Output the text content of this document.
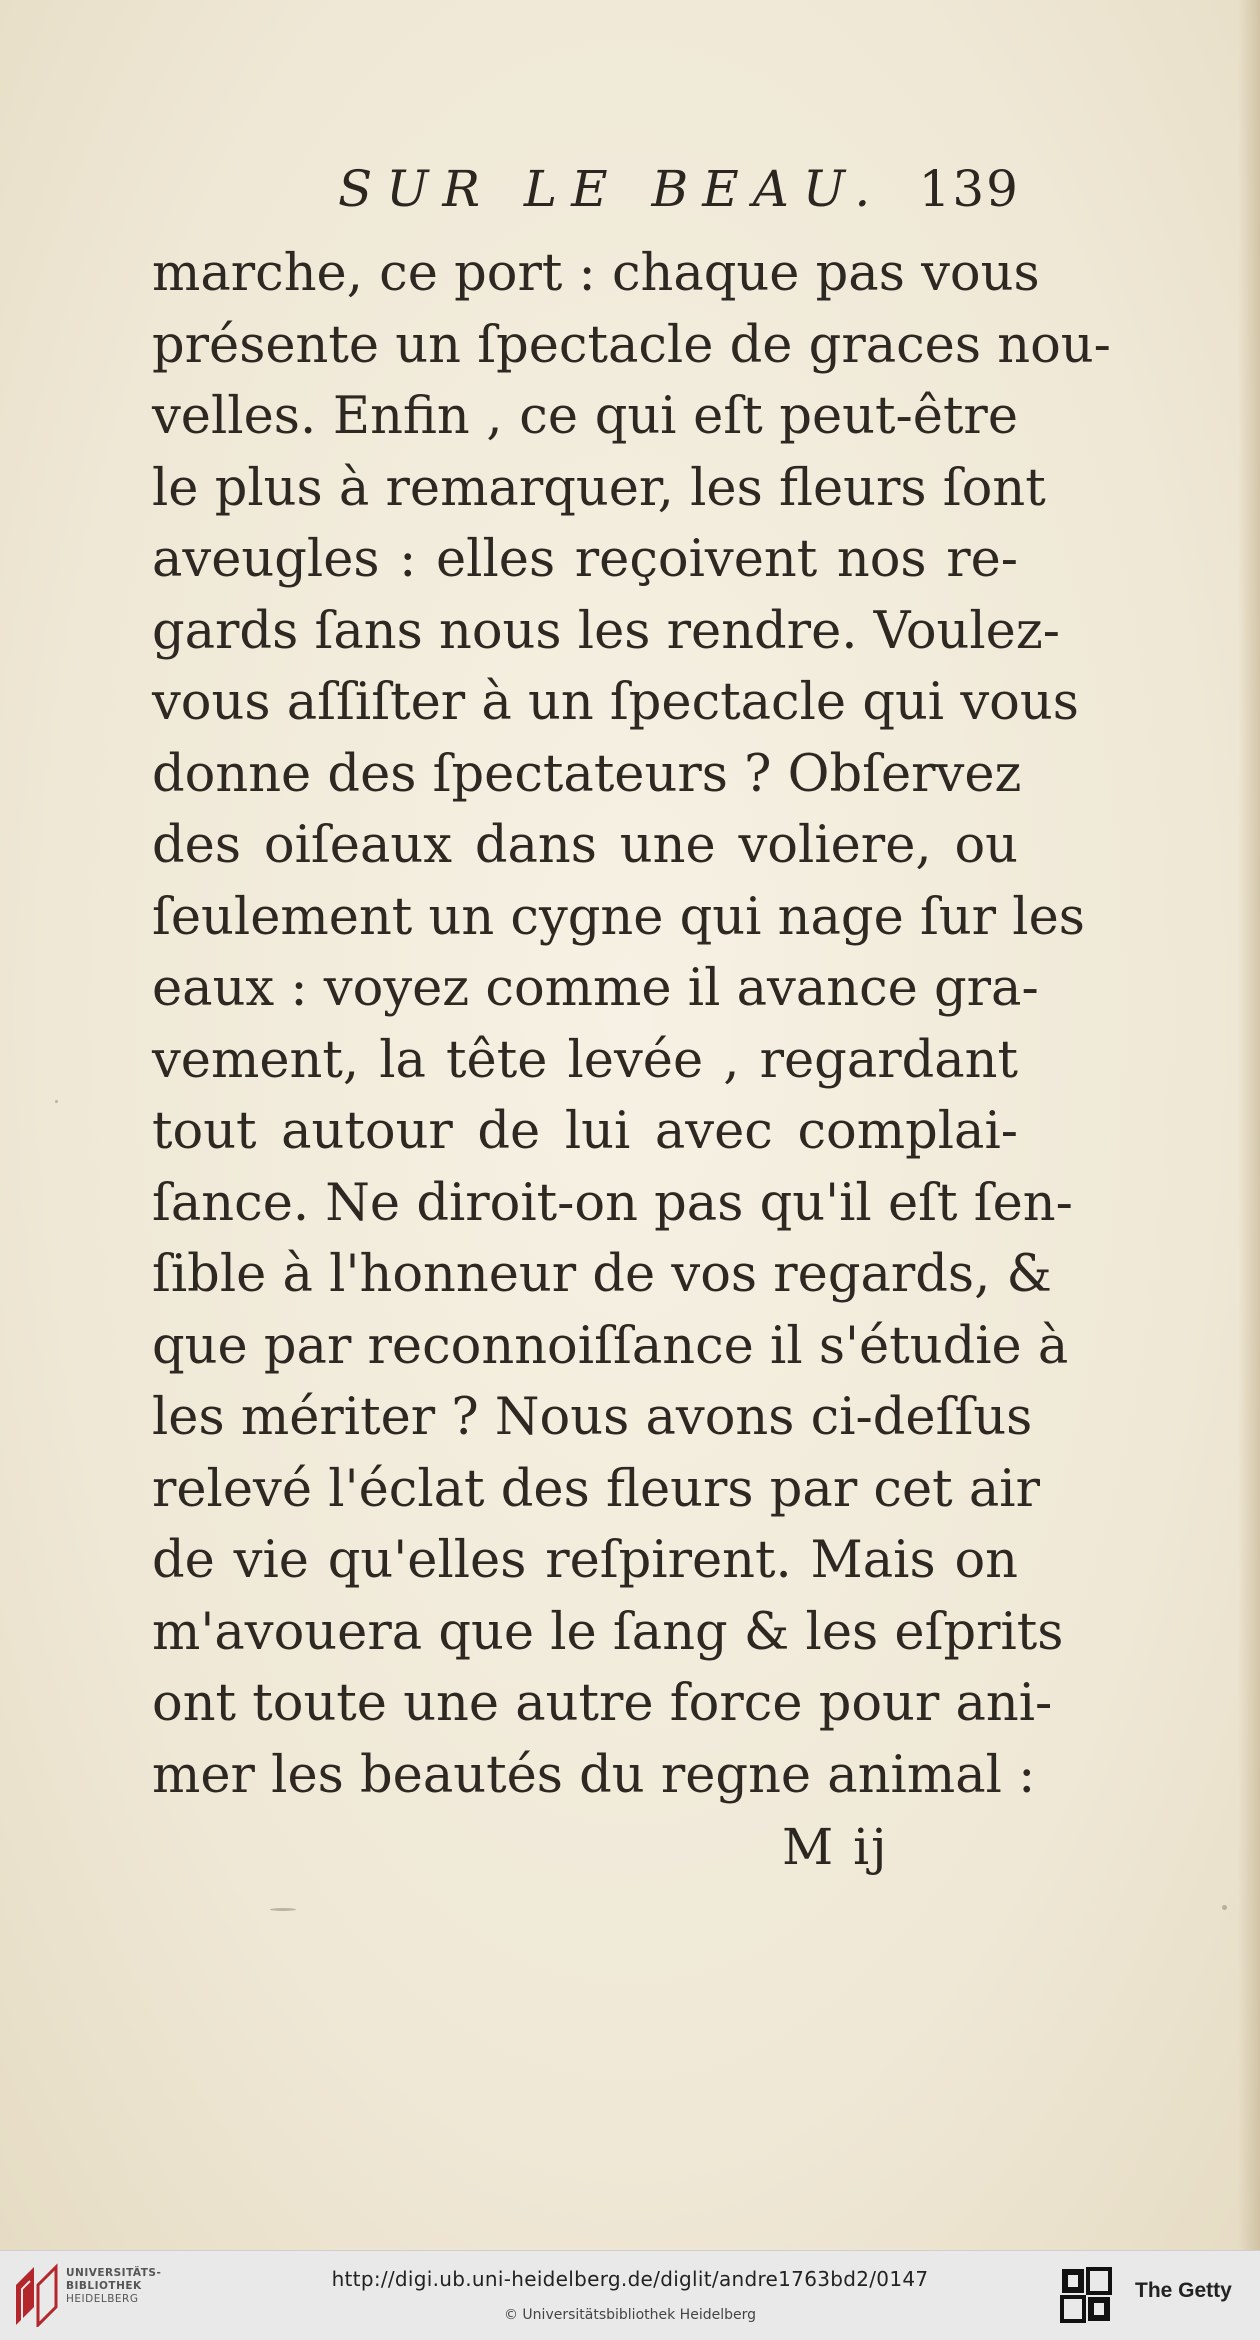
SUR LE BEAU. 139
marche, ce port : chaque pas vous
présente un ſpectacle de graces nou-
velles. Enfin , ce qui eſt peut-être
le plus à remarquer, les fleurs ſont
aveugles : elles reçoivent nos re-
gards ſans nous les rendre. Voulez-
vous aſſiſter à un ſpectacle qui vous
donne des ſpectateurs ? Obſervez
des oiſeaux dans une voliere, ou
ſeulement un cygne qui nage ſur les
eaux : voyez comme il avance gra-
vement, la tête levée , regardant
tout autour de lui avec complai-
ſance. Ne diroit-on pas qu'il eſt ſen-
ſible à l'honneur de vos regards, &
que par reconnoiſſance il s'étudie à
les mériter ? Nous avons ci-deſſus
relevé l'éclat des fleurs par cet air
de vie qu'elles reſpirent. Mais on
m'avouera que le ſang & les eſprits
ont toute une autre force pour ani-
mer les beautés du regne animal :
M ij
UNIVERSITÄTS-
BIBLIOTHEK
HEIDELBERG
http://digi.ub.uni-heidelberg.de/diglit/andre1763bd2/0147
© Universitätsbibliothek Heidelberg
The Getty
